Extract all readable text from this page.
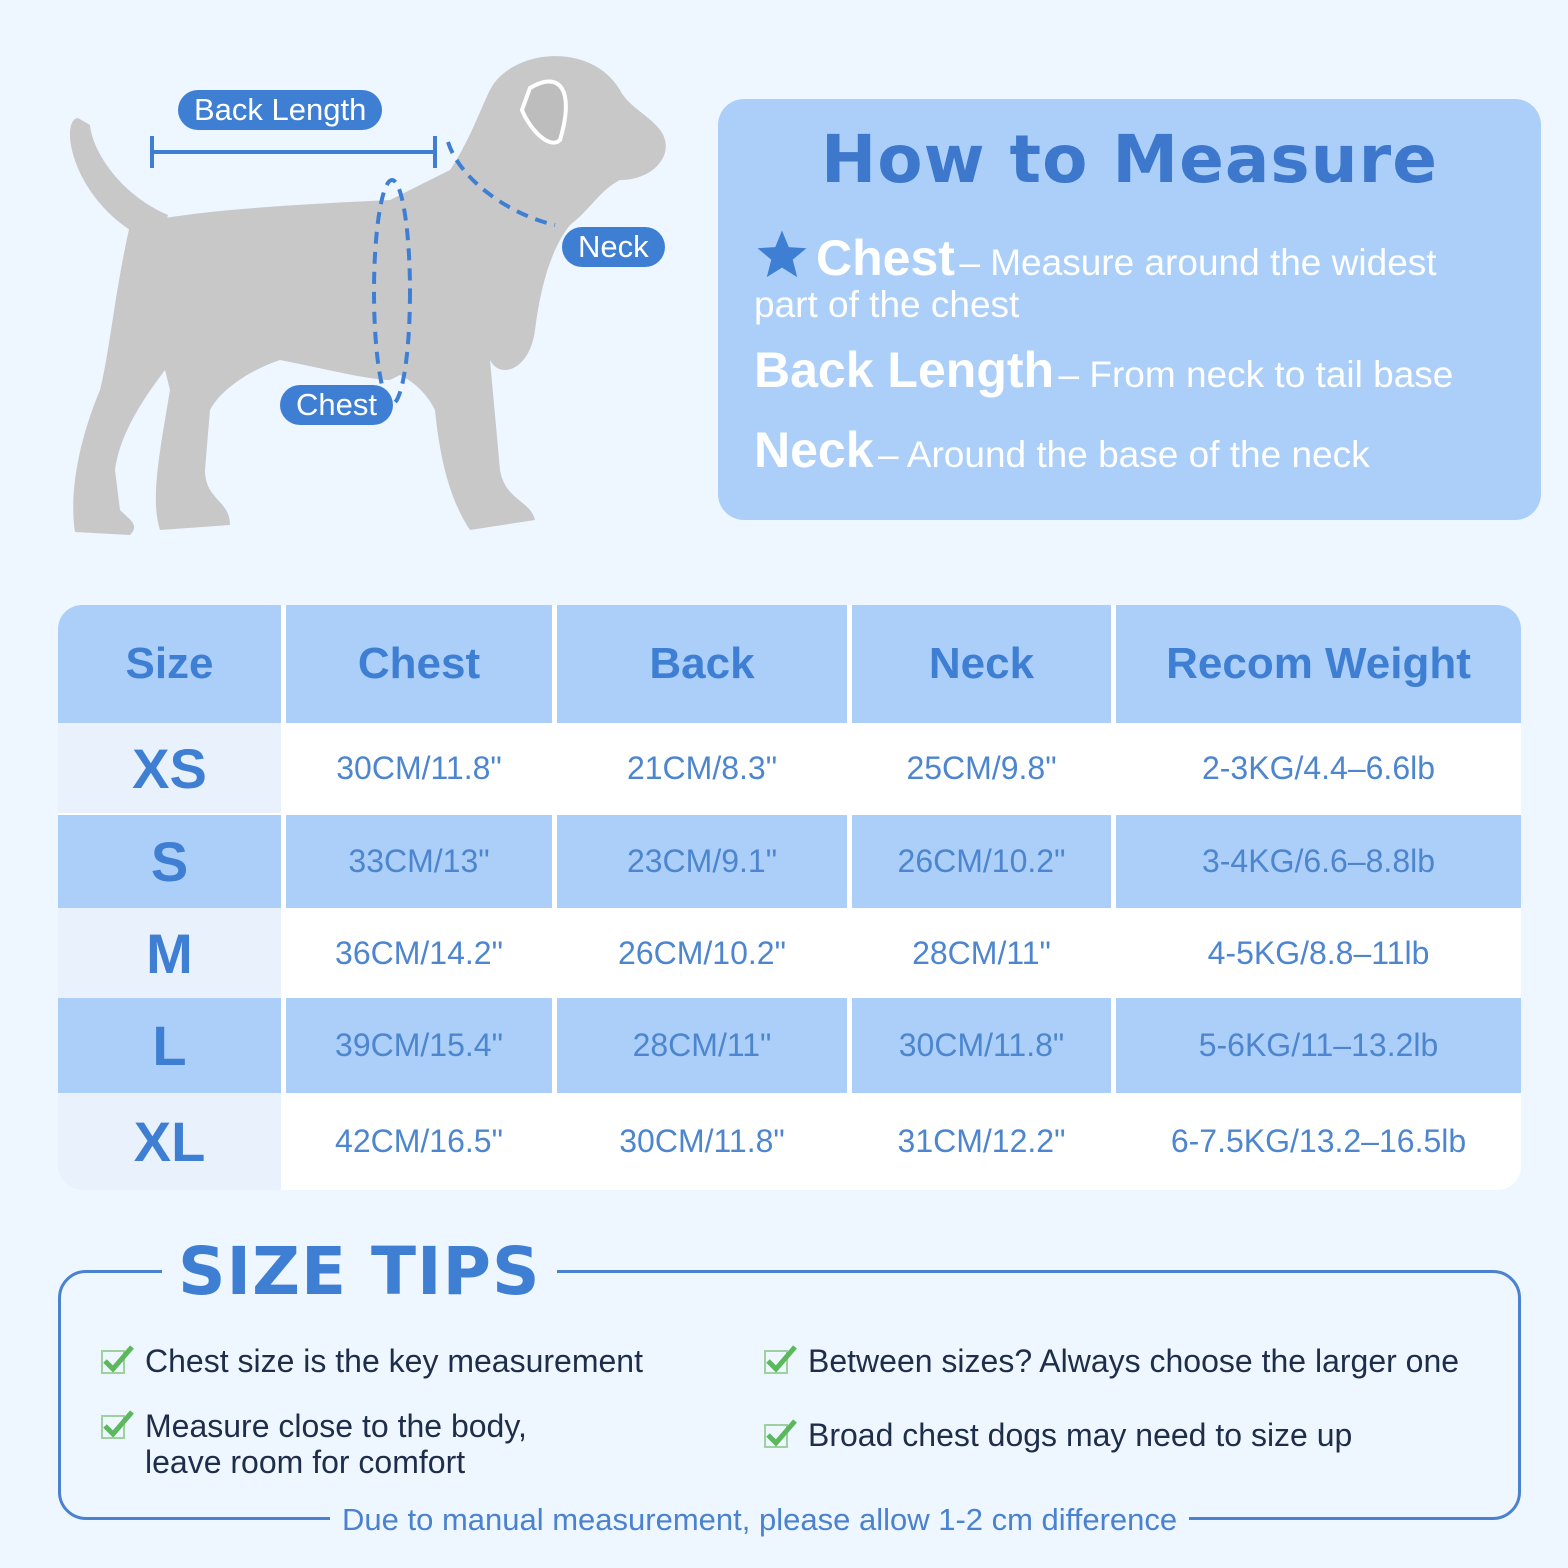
Back Length
Neck
Chest
How to Measure
Chest – Measure around the widest
part of the chest
Back Length – From neck to tail base
Neck – Around the base of the neck
Size	Chest	Back	Neck	Recom Weight
XS	30CM/11.8"	21CM/8.3"	25CM/9.8"	2-3KG/4.4–6.6lb
S	33CM/13"	23CM/9.1"	26CM/10.2"	3-4KG/6.6–8.8lb
M	36CM/14.2"	26CM/10.2"	28CM/11"	4-5KG/8.8–11lb
L	39CM/15.4"	28CM/11"	30CM/11.8"	5-6KG/11–13.2lb
XL	42CM/16.5"	30CM/11.8"	31CM/12.2"	6-7.5KG/13.2–16.5lb
Chest size is the key measurement	Between sizes? Always choose the larger one
Measure close to the body,
leave room for comfort
Broad chest dogs may need to size up
SIZE TIPS
Due to manual measurement, please allow 1-2 cm difference
